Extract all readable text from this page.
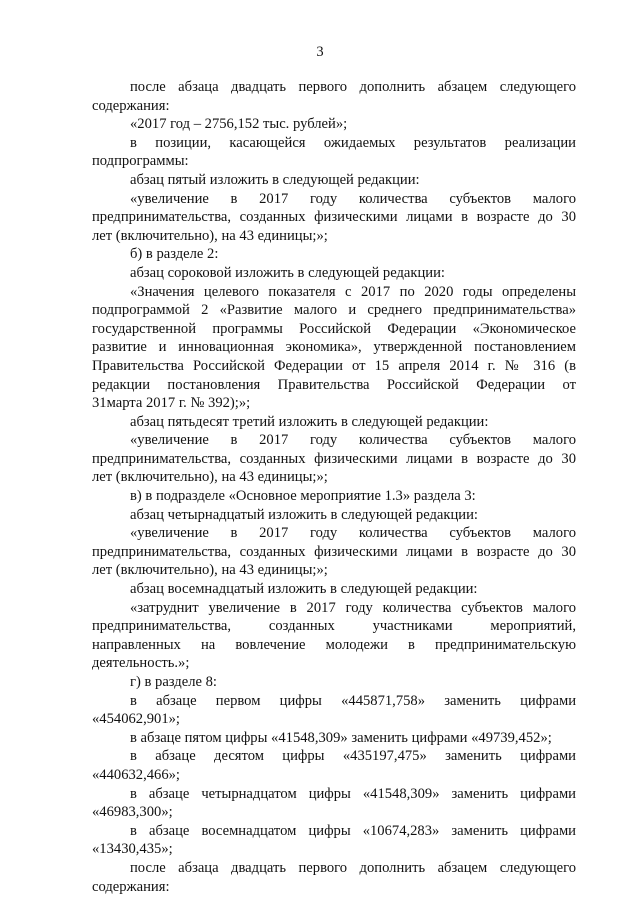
3
после абзаца двадцать первого дополнить абзацем следующего
содержания:
«2017 год – 2756,152 тыс. рублей»;
в позиции, касающейся ожидаемых результатов реализации
подпрограммы:
абзац пятый изложить в следующей редакции:
«увеличение в 2017 году количества субъектов малого
предпринимательства, созданных физическими лицами в возрасте до 30
лет (включительно), на 43 единицы;»;
б) в разделе 2:
абзац сороковой изложить в следующей редакции:
«Значения целевого показателя с 2017 по 2020 годы определены
подпрограммой 2 «Развитие малого и среднего предпринимательства»
государственной программы Российской Федерации «Экономическое
развитие и инновационная экономика», утвержденной постановлением
Правительства Российской Федерации от 15 апреля 2014 г. № 316 (в
редакции постановления Правительства Российской Федерации от
31марта 2017 г. № 392);»;
абзац пятьдесят третий изложить в следующей редакции:
«увеличение в 2017 году количества субъектов малого
предпринимательства, созданных физическими лицами в возрасте до 30
лет (включительно), на 43 единицы;»;
в) в подразделе «Основное мероприятие 1.3» раздела 3:
абзац четырнадцатый изложить в следующей редакции:
«увеличение в 2017 году количества субъектов малого
предпринимательства, созданных физическими лицами в возрасте до 30
лет (включительно), на 43 единицы;»;
абзац восемнадцатый изложить в следующей редакции:
«затруднит увеличение в 2017 году количества субъектов малого
предпринимательства, созданных участниками мероприятий,
направленных на вовлечение молодежи в предпринимательскую
деятельность.»;
г) в разделе 8:
в абзаце первом цифры «445871,758» заменить цифрами
«454062,901»;
в абзаце пятом цифры «41548,309» заменить цифрами «49739,452»;
в абзаце десятом цифры «435197,475» заменить цифрами
«440632,466»;
в абзаце четырнадцатом цифры «41548,309» заменить цифрами
«46983,300»;
в абзаце восемнадцатом цифры «10674,283» заменить цифрами
«13430,435»;
после абзаца двадцать первого дополнить абзацем следующего
содержания:
